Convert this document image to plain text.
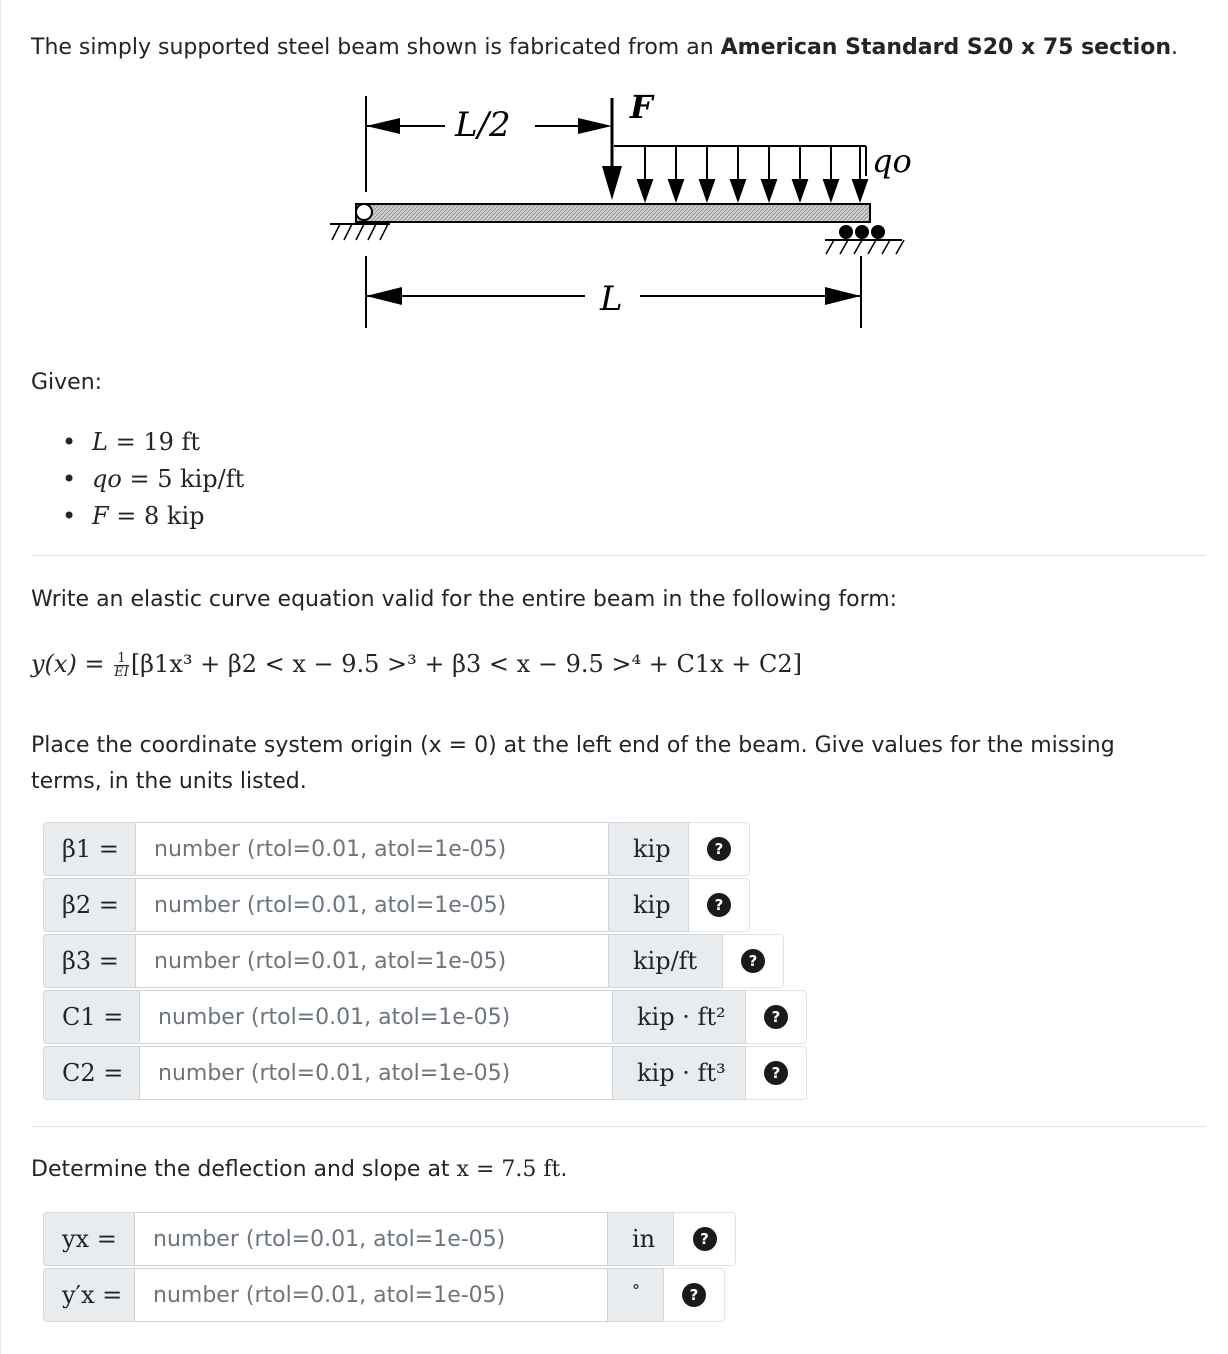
The simply supported steel beam shown is fabricated from an American Standard S20 x 75 section.
L/2	F
qo
L
Given:
• L = 19 ft
• qo = 5 kip/ft
• F = 8 kip
Write an elastic curve equation valid for the entire beam in the following form:
$y(x) = \frac{1}{EI} [\beta 1x^3 + \beta 2 < x - 9.5 >^3 + \beta 3 < x - 9.5 >^4 + C1x + C2]$
Place the coordinate system origin (x = 0) at the left end of the beam. Give values for the missing terms, in the units listed.
β1 =	number (rtol=0.01, atol=1e-05)	kip	?
β2 =	number (rtol=0.01, atol=1e-05)	kip	?
β3 =	number (rtol=0.01, atol=1e-05)	kip/ft	?
C1 =	number (rtol=0.01, atol=1e-05)	kip · ft²	?
C2 =	number (rtol=0.01, atol=1e-05)	kip · ft³	?
Determine the deflection and slope at x = 7.5 ft.
yx =	number (rtol=0.01, atol=1e-05)	in	?
y′x =	number (rtol=0.01, atol=1e-05)	°	?
